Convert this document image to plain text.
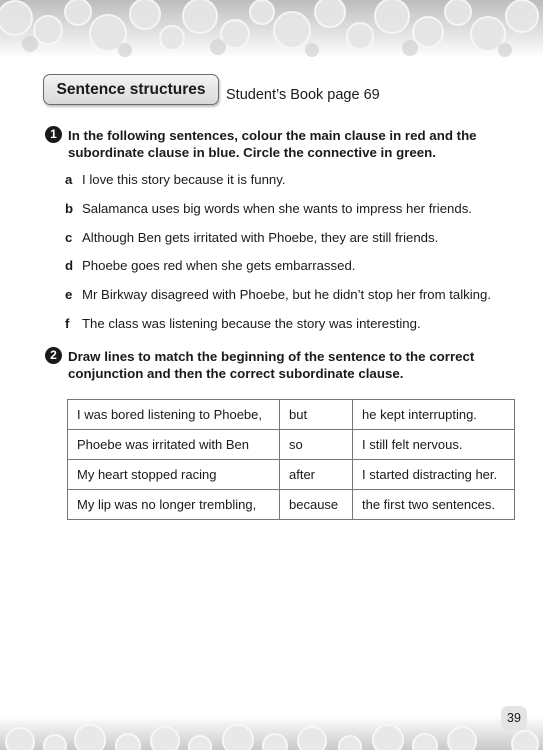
Sentence structures	Student’s Book page 69
1 In the following sentences, colour the main clause in red and the subordinate clause in blue. Circle the connective in green.
a I love this story because it is funny.
b Salamanca uses big words when she wants to impress her friends.
c Although Ben gets irritated with Phoebe, they are still friends.
d Phoebe goes red when she gets embarrassed.
e Mr Birkway disagreed with Phoebe, but he didn’t stop her from talking.
f The class was listening because the story was interesting.
2 Draw lines to match the beginning of the sentence to the correct conjunction and then the correct subordinate clause.
I was bored listening to Phoebe,	but	he kept interrupting.
Phoebe was irritated with Ben	so	I still felt nervous.
My heart stopped racing	after	I started distracting her.
My lip was no longer trembling,	because	the first two sentences.
39
